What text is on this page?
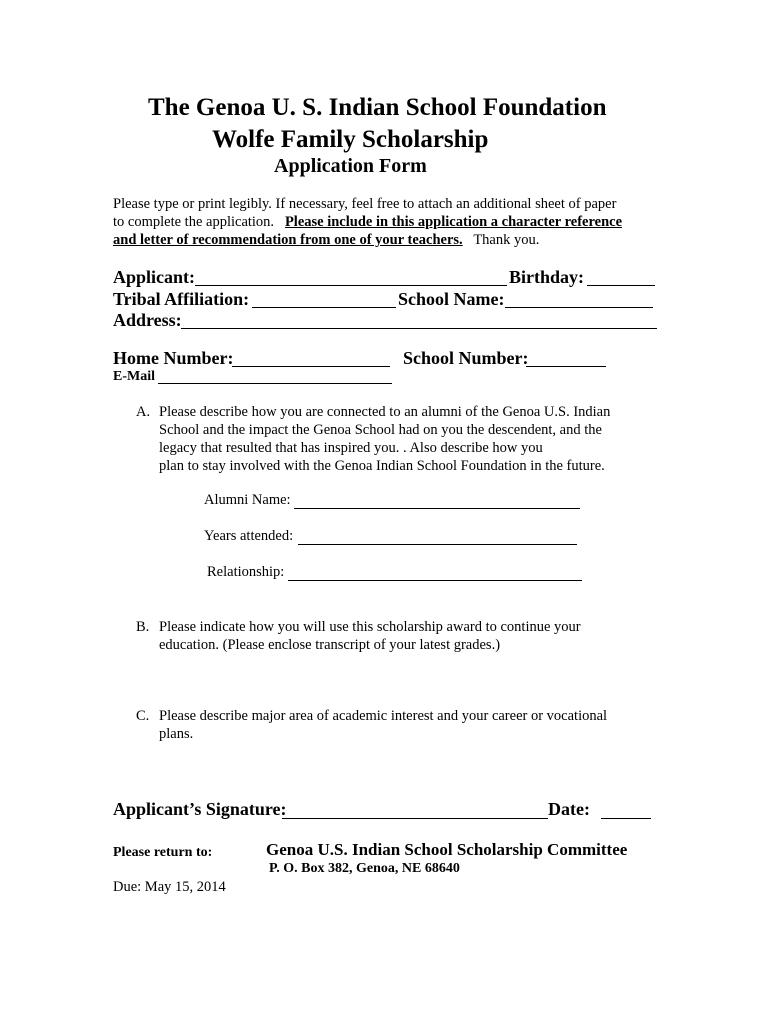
The Genoa U. S. Indian School Foundation
Wolfe Family Scholarship
Application Form
Please type or print legibly. If necessary, feel free to attach an additional sheet of paper
to complete the application. Please include in this application a character reference
and letter of recommendation from one of your teachers. Thank you.
Applicant:	Birthday:
Tribal Affiliation:	School Name:
Address:
Home Number:	School Number:
E-Mail
A. Please describe how you are connected to an alumni of the Genoa U.S. Indian
School and the impact the Genoa School had on you the descendent, and the
legacy that resulted that has inspired you. . Also describe how you
plan to stay involved with the Genoa Indian School Foundation in the future.
Alumni Name:
Years attended:
Relationship:
B. Please indicate how you will use this scholarship award to continue your
education. (Please enclose transcript of your latest grades.)
C. Please describe major area of academic interest and your career or vocational
plans.
Applicant’s Signature:	Date:
Please return to:	Genoa U.S. Indian School Scholarship Committee
P. O. Box 382, Genoa, NE 68640
Due: May 15, 2014
